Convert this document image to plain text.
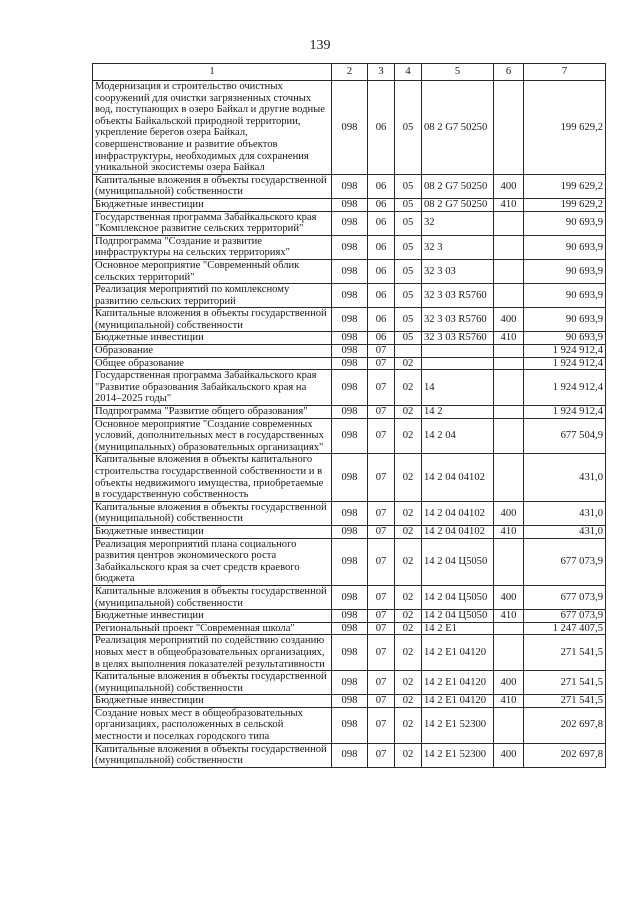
139
1	2	3	4	5	6	7
Модернизация и строительство очистных сооружений для очистки загрязненных сточных вод, поступающих в озеро Байкал и другие водные объекты Байкальской природной территории, укрепление берегов озера Байкал, совершенствование и развитие объектов инфраструктуры, необходимых для сохранения уникальной экосистемы озера Байкал	098	06	05	08 2 G7 50250		199 629,2
Капитальные вложения в объекты государственной (муниципальной) собственности	098	06	05	08 2 G7 50250	400	199 629,2
Бюджетные инвестиции	098	06	05	08 2 G7 50250	410	199 629,2
Государственная программа Забайкальского края "Комплексное развитие сельских территорий"	098	06	05	32		90 693,9
Подпрограмма "Создание и развитие инфраструктуры на сельских территориях"	098	06	05	32 3		90 693,9
Основное мероприятие "Современный облик сельских территорий"	098	06	05	32 3 03		90 693,9
Реализация мероприятий по комплексному развитию сельских территорий	098	06	05	32 3 03 R5760		90 693,9
Капитальные вложения в объекты государственной (муниципальной) собственности	098	06	05	32 3 03 R5760	400	90 693,9
Бюджетные инвестиции	098	06	05	32 3 03 R5760	410	90 693,9
Образование	098	07				1 924 912,4
Общее образование	098	07	02			1 924 912,4
Государственная программа Забайкальского края "Развитие образования Забайкальского края на 2014–2025 годы"	098	07	02	14		1 924 912,4
Подпрограмма "Развитие общего образования"	098	07	02	14 2		1 924 912,4
Основное мероприятие "Создание современных условий, дополнительных мест в государственных (муниципальных) образовательных организациях"	098	07	02	14 2 04		677 504,9
Капитальные вложения в объекты капитального строительства государственной собственности и в объекты недвижимого имущества, приобретаемые в государственную собственность	098	07	02	14 2 04 04102		431,0
Капитальные вложения в объекты государственной (муниципальной) собственности	098	07	02	14 2 04 04102	400	431,0
Бюджетные инвестиции	098	07	02	14 2 04 04102	410	431,0
Реализация мероприятий плана социального развития центров экономического роста Забайкальского края за счет средств краевого бюджета	098	07	02	14 2 04 Ц5050		677 073,9
Капитальные вложения в объекты государственной (муниципальной) собственности	098	07	02	14 2 04 Ц5050	400	677 073,9
Бюджетные инвестиции	098	07	02	14 2 04 Ц5050	410	677 073,9
Региональный проект "Современная школа"	098	07	02	14 2 E1		1 247 407,5
Реализация мероприятий по содействию созданию новых мест в общеобразовательных организациях, в целях выполнения показателей результативности	098	07	02	14 2 E1 04120		271 541,5
Капитальные вложения в объекты государственной (муниципальной) собственности	098	07	02	14 2 E1 04120	400	271 541,5
Бюджетные инвестиции	098	07	02	14 2 E1 04120	410	271 541,5
Создание новых мест в общеобразовательных организациях, расположенных в сельской местности и поселках городского типа	098	07	02	14 2 E1 52300		202 697,8
Капитальные вложения в объекты государственной (муниципальной) собственности	098	07	02	14 2 E1 52300	400	202 697,8
